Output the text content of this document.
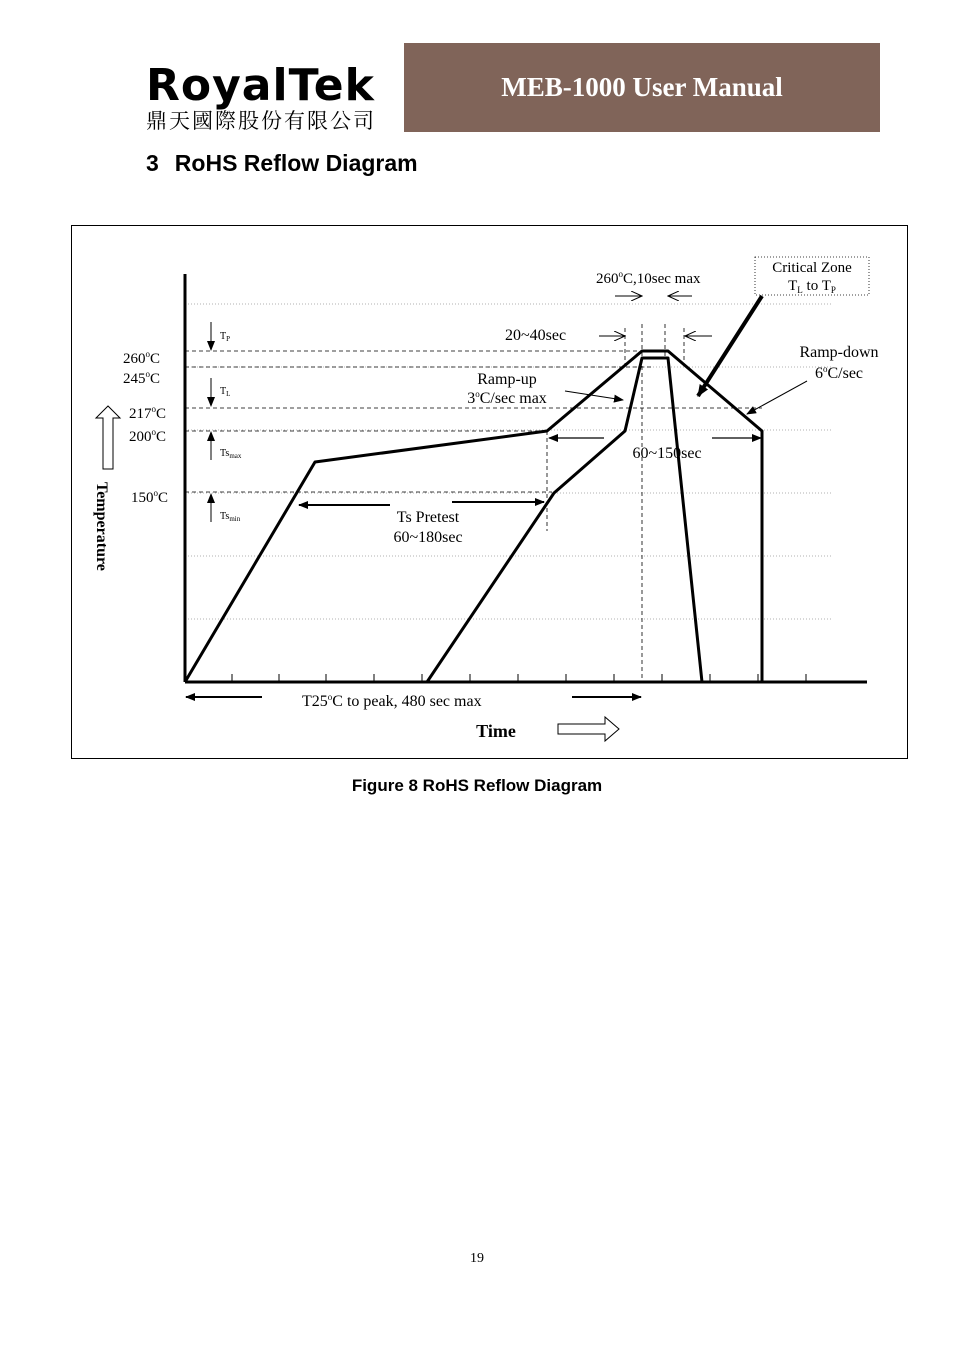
RoyalTek
鼎天國際股份有限公司
MEB-1000 User Manual
3 RoHS Reflow Diagram
260$^o$C
245$^o$C
217$^o$C
200$^o$C
150$^o$C
Temperature
$T_P$
$T_L$
$Ts_{max}$
$Ts_{min}$
260$^o$C,10sec max
Critical Zone
$T_L$ to $T_P$
20~40sec
Ramp-up
3$^o$C/sec max
Ramp-down
6$^o$C/sec
60~150sec
Ts Pretest
60~180sec
T25$^o$C to peak, 480 sec max
Time
Figure 8 RoHS Reflow Diagram
19
